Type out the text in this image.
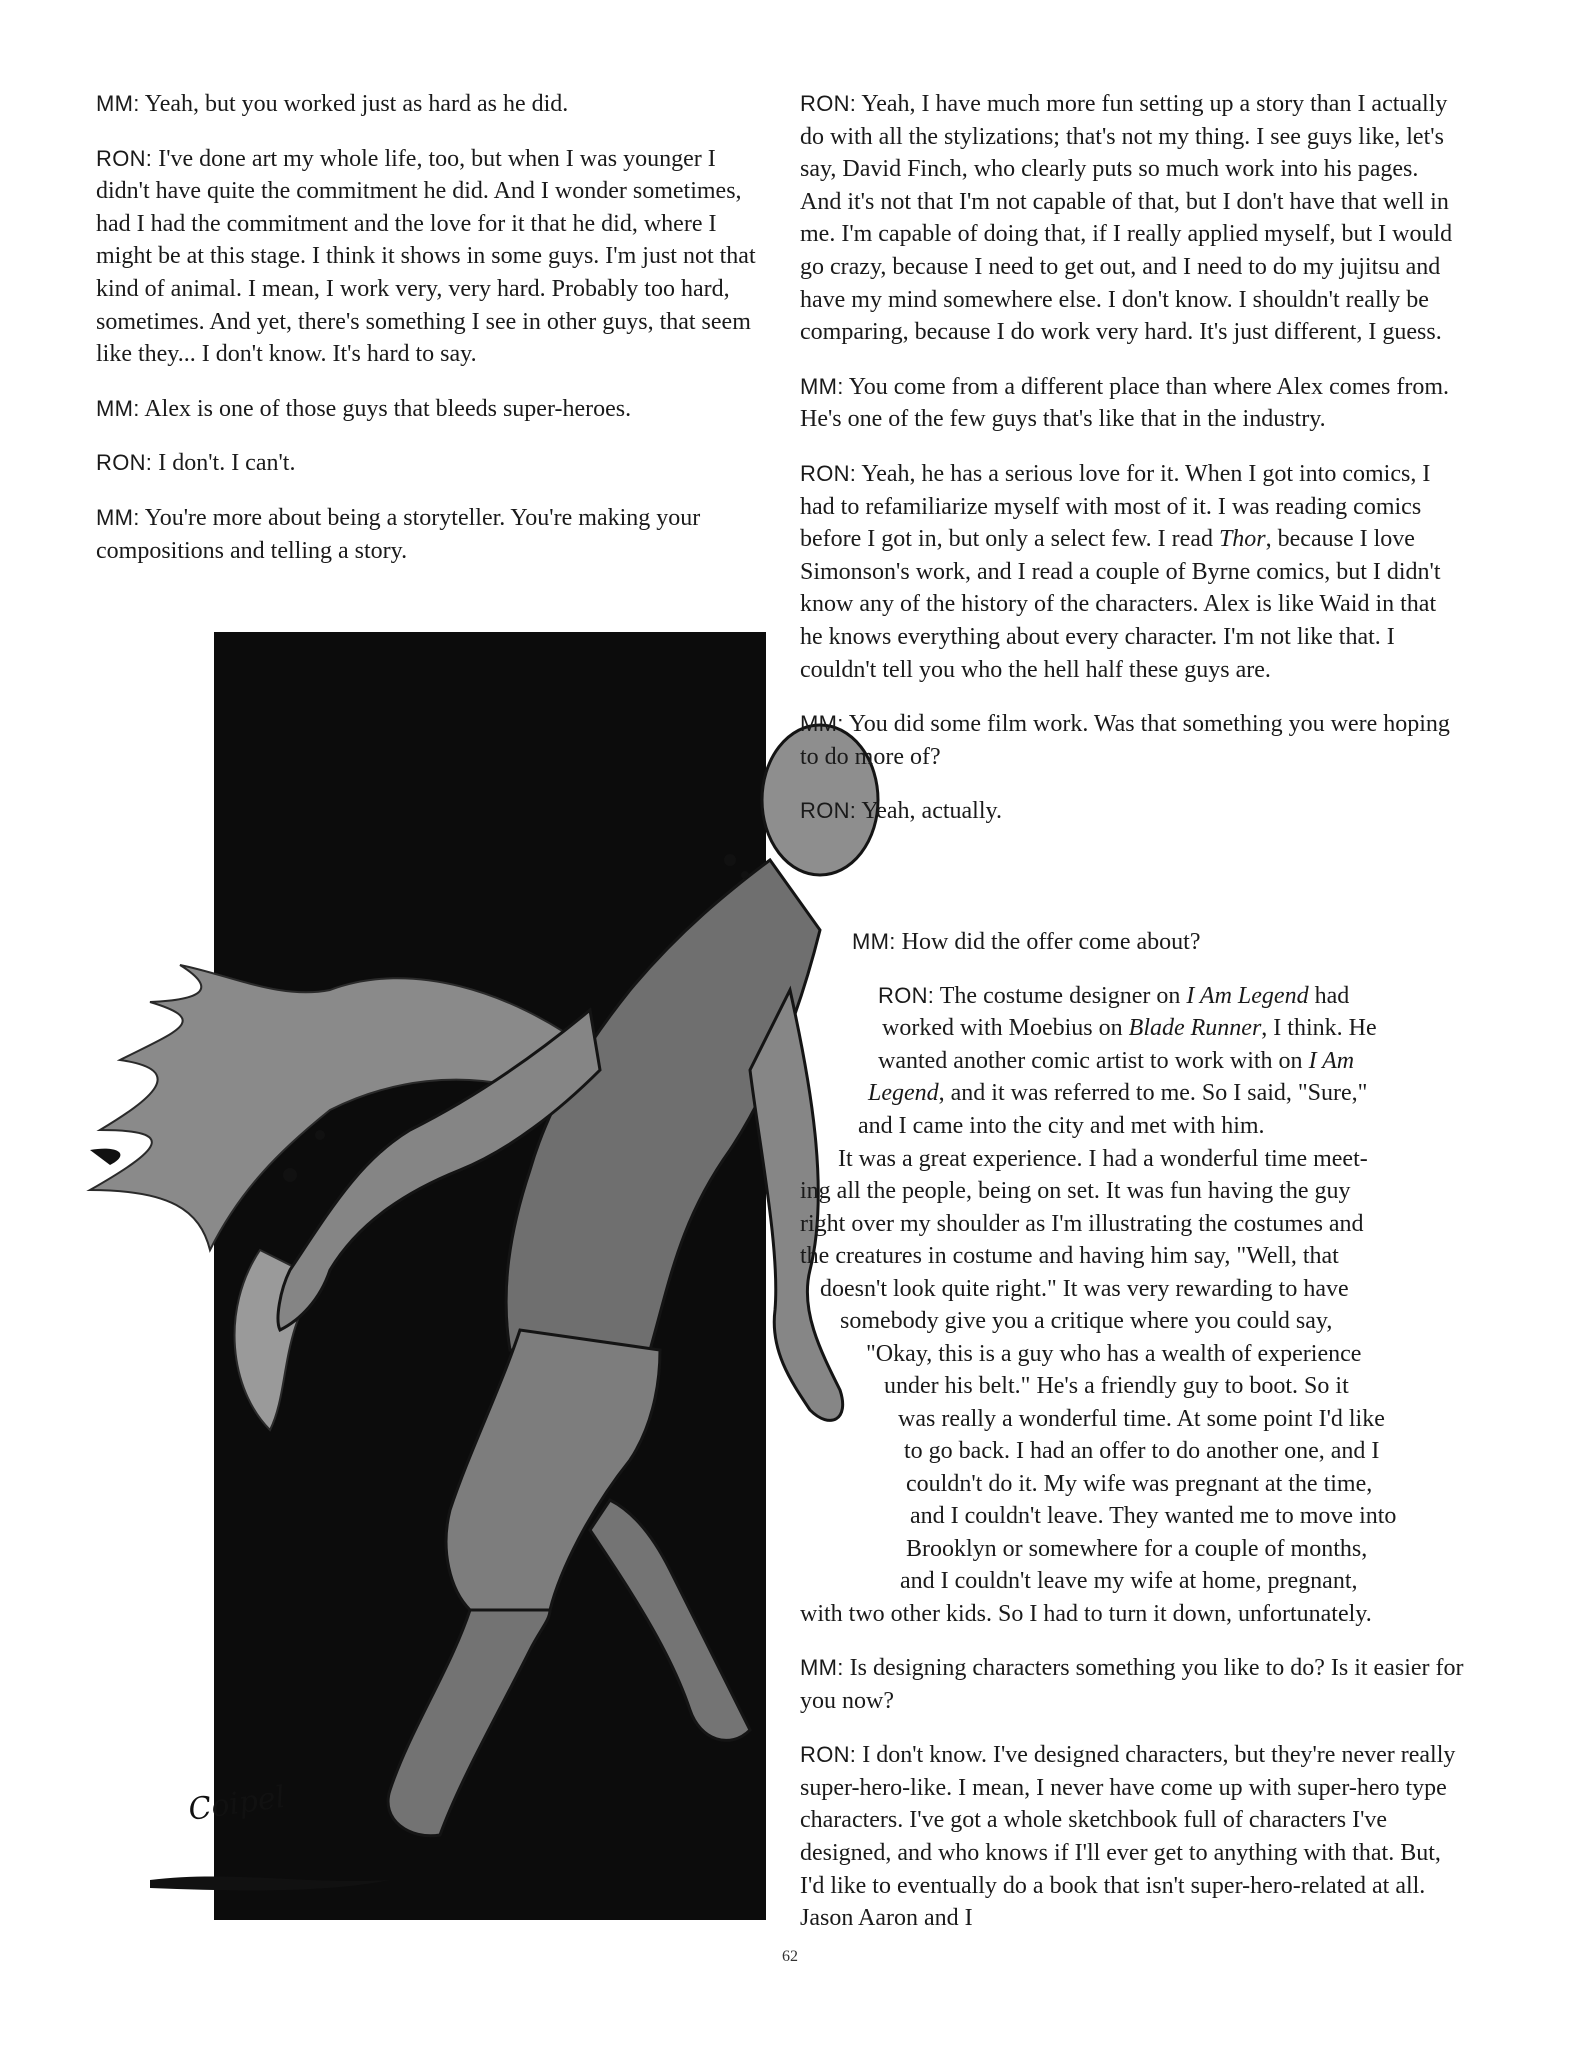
MM: Yeah, but you worked just as hard as he did.

RON: I've done art my whole life, too, but when I was younger I didn't have quite the commitment he did. And I wonder sometimes, had I had the commitment and the love for it that he did, where I might be at this stage. I think it shows in some guys. I'm just not that kind of animal. I mean, I work very, very hard. Probably too hard, sometimes. And yet, there's something I see in other guys, that seem like they... I don't know. It's hard to say.

MM: Alex is one of those guys that bleeds super-heroes.

RON: I don't. I can't.

MM: You're more about being a storyteller. You're making your compositions and telling a story.

Coipel

RON: Yeah, I have much more fun setting up a story than I actually do with all the stylizations; that's not my thing. I see guys like, let's say, David Finch, who clearly puts so much work into his pages. And it's not that I'm not capable of that, but I don't have that well in me. I'm capable of doing that, if I really applied myself, but I would go crazy, because I need to get out, and I need to do my jujitsu and have my mind somewhere else. I don't know. I shouldn't really be comparing, because I do work very hard. It's just different, I guess.

MM: You come from a different place than where Alex comes from. He's one of the few guys that's like that in the industry.

RON: Yeah, he has a serious love for it. When I got into comics, I had to refamiliarize myself with most of it. I was reading comics before I got in, but only a select few. I read Thor, because I love Simonson's work, and I read a couple of Byrne comics, but I didn't know any of the history of the characters. Alex is like Waid in that he knows everything about every character. I'm not like that. I couldn't tell you who the hell half these guys are.

MM: You did some film work. Was that something you were hoping to do more of?

RON: Yeah, actually.

MM: How did the offer come about?
RON: The costume designer on I Am Legend had
worked with Moebius on Blade Runner, I think. He
wanted another comic artist to work with on I Am
Legend, and it was referred to me. So I said, "Sure,"
and I came into the city and met with him.
It was a great experience. I had a wonderful time meet-
ing all the people, being on set. It was fun having the guy
right over my shoulder as I'm illustrating the costumes and
the creatures in costume and having him say, "Well, that
doesn't look quite right." It was very rewarding to have
somebody give you a critique where you could say,
"Okay, this is a guy who has a wealth of experience
under his belt." He's a friendly guy to boot. So it
was really a wonderful time. At some point I'd like
to go back. I had an offer to do another one, and I
couldn't do it. My wife was pregnant at the time,
and I couldn't leave. They wanted me to move into
Brooklyn or somewhere for a couple of months,
and I couldn't leave my wife at home, pregnant,
with two other kids. So I had to turn it down, unfortunately.

MM: Is designing characters something you like to do? Is it easier for you now?

RON: I don't know. I've designed characters, but they're never really super-hero-like. I mean, I never have come up with super-hero type characters. I've got a whole sketchbook full of characters I've designed, and who knows if I'll ever get to anything with that. But, I'd like to eventually do a book that isn't super-hero-related at all. Jason Aaron and I

62
